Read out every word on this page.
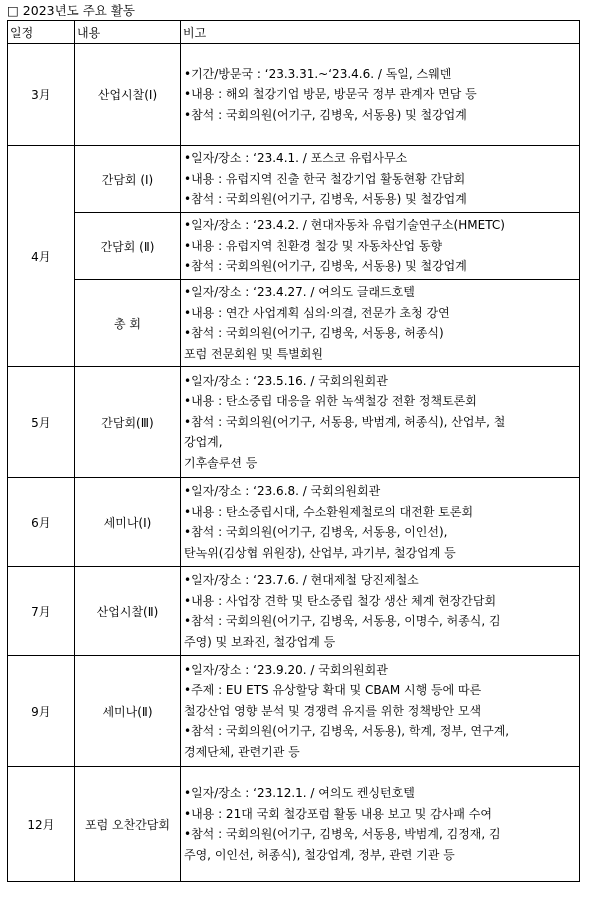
□ 2023년도 주요 활동
일정	내용	비고
3月	산업시찰(Ⅰ)	•기간/방문국 : ‘23.3.31.~‘23.4.6. / 독일, 스웨덴
•내용 : 해외 철강기업 방문, 방문국 정부 관계자 면담 등
•참석 : 국회의원(어기구, 김병욱, 서동용) 및 철강업계

4月	간담회 (Ⅰ)	•일자/장소 : ‘23.4.1. / 포스코 유럽사무소
•내용 : 유럽지역 진출 한국 철강기업 활동현황 간담회
•참석 : 국회의원(어기구, 김병욱, 서동용) 및 철강업계

	간담회 (Ⅱ)	•일자/장소 : ‘23.4.2. / 현대자동차 유럽기술연구소(HMETC)
•내용 : 유럽지역 친환경 철강 및 자동차산업 동향
•참석 : 국회의원(어기구, 김병욱, 서동용) 및 철강업계

	총 회	•일자/장소 : ‘23.4.27. / 여의도 글래드호텔
•내용 : 연간 사업계획 심의·의결, 전문가 초청 강연
•참석 : 국회의원(어기구, 김병욱, 서동용, 허종식)
포럼 전문회원 및 특별회원

5月	간담회(Ⅲ)	•일자/장소 : ‘23.5.16. / 국회의원회관
•내용 : 탄소중립 대응을 위한 녹색철강 전환 정책토론회
•참석 : 국회의원(어기구, 서동용, 박범계, 허종식), 산업부, 철
강업계,
기후솔루션 등

6月	세미나(Ⅰ)	•일자/장소 : ‘23.6.8. / 국회의원회관
•내용 : 탄소중립시대, 수소환원제철로의 대전환 토론회
•참석 : 국회의원(어기구, 김병욱, 서동용, 이인선),
탄녹위(김상협 위원장), 산업부, 과기부, 철강업계 등

7月	산업시찰(Ⅱ)	•일자/장소 : ‘23.7.6. / 현대제철 당진제철소
•내용 : 사업장 견학 및 탄소중립 철강 생산 체계 현장간담회
•참석 : 국회의원(어기구, 김병욱, 서동용, 이명수, 허종식, 김
주영) 및 보좌진, 철강업계 등

9月	세미나(Ⅱ)	•일자/장소 : ‘23.9.20. / 국회의원회관
•주제 : EU ETS 유상할당 확대 및 CBAM 시행 등에 따른
철강산업 영향 분석 및 경쟁력 유지를 위한 정책방안 모색
•참석 : 국회의원(어기구, 김병욱, 서동용), 학계, 정부, 연구계,
경제단체, 관련기관 등

12月	포럼 오찬간담회	•일자/장소 : ‘23.12.1. / 여의도 켄싱턴호텔
•내용 : 21대 국회 철강포럼 활동 내용 보고 및 감사패 수여
•참석 : 국회의원(어기구, 김병욱, 서동용, 박범계, 김정재, 김
주영, 이인선, 허종식), 철강업계, 정부, 관련 기관 등
